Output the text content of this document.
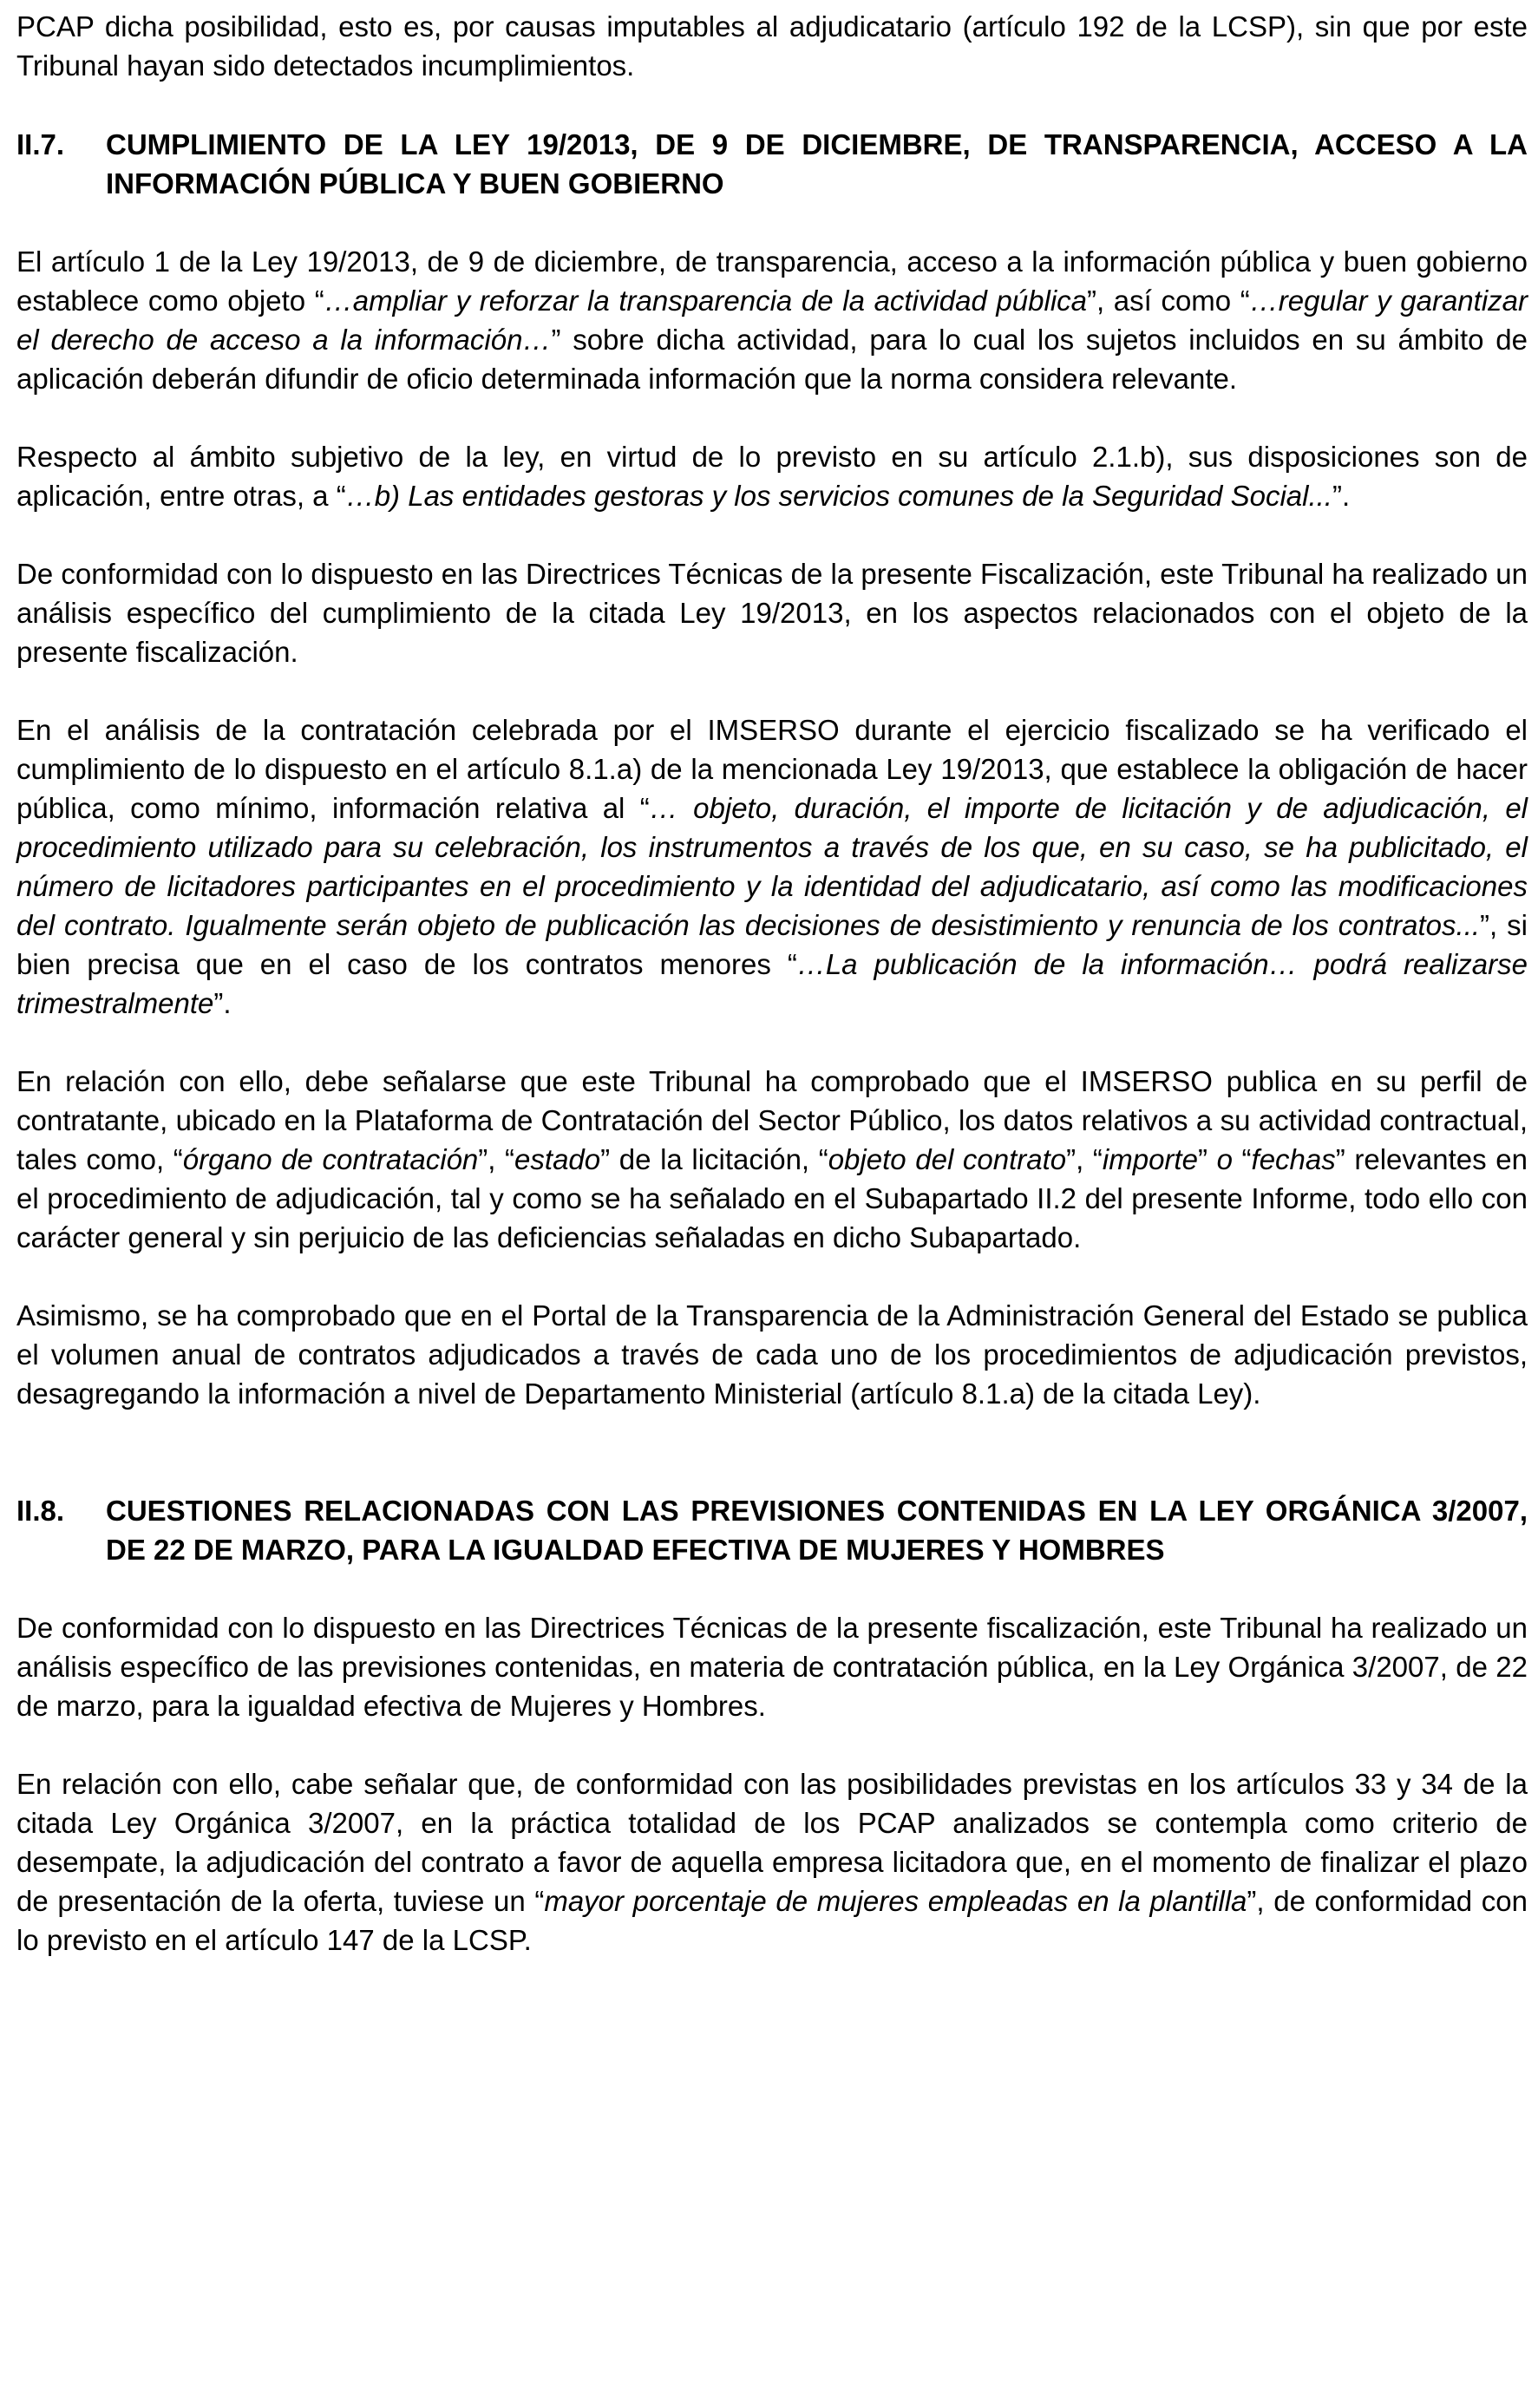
PCAP dicha posibilidad, esto es, por causas imputables al adjudicatario (artículo 192 de la LCSP), sin que por este Tribunal hayan sido detectados incumplimientos.

II.7.	CUMPLIMIENTO DE LA LEY 19/2013, DE 9 DE DICIEMBRE, DE TRANSPARENCIA, ACCESO A LA INFORMACIÓN PÚBLICA Y BUEN GOBIERNO

El artículo 1 de la Ley 19/2013, de 9 de diciembre, de transparencia, acceso a la información pública y buen gobierno establece como objeto “…ampliar y reforzar la transparencia de la actividad pública”, así como “…regular y garantizar el derecho de acceso a la información…” sobre dicha actividad, para lo cual los sujetos incluidos en su ámbito de aplicación deberán difundir de oficio determinada información que la norma considera relevante.

Respecto al ámbito subjetivo de la ley, en virtud de lo previsto en su artículo 2.1.b), sus disposiciones son de aplicación, entre otras, a “…b) Las entidades gestoras y los servicios comunes de la Seguridad Social...”.

De conformidad con lo dispuesto en las Directrices Técnicas de la presente Fiscalización, este Tribunal ha realizado un análisis específico del cumplimiento de la citada Ley 19/2013, en los aspectos relacionados con el objeto de la presente fiscalización.

En el análisis de la contratación celebrada por el IMSERSO durante el ejercicio fiscalizado se ha verificado el cumplimiento de lo dispuesto en el artículo 8.1.a) de la mencionada Ley 19/2013, que establece la obligación de hacer pública, como mínimo, información relativa al “… objeto, duración, el importe de licitación y de adjudicación, el procedimiento utilizado para su celebración, los instrumentos a través de los que, en su caso, se ha publicitado, el número de licitadores participantes en el procedimiento y la identidad del adjudicatario, así como las modificaciones del contrato. Igualmente serán objeto de publicación las decisiones de desistimiento y renuncia de los contratos...”, si bien precisa que en el caso de los contratos menores “…La publicación de la información… podrá realizarse trimestralmente”.

En relación con ello, debe señalarse que este Tribunal ha comprobado que el IMSERSO publica en su perfil de contratante, ubicado en la Plataforma de Contratación del Sector Público, los datos relativos a su actividad contractual, tales como, “órgano de contratación”, “estado” de la licitación, “objeto del contrato”, “importe” o “fechas” relevantes en el procedimiento de adjudicación, tal y como se ha señalado en el Subapartado II.2 del presente Informe, todo ello con carácter general y sin perjuicio de las deficiencias señaladas en dicho Subapartado.

Asimismo, se ha comprobado que en el Portal de la Transparencia de la Administración General del Estado se publica el volumen anual de contratos adjudicados a través de cada uno de los procedimientos de adjudicación previstos, desagregando la información a nivel de Departamento Ministerial (artículo 8.1.a) de la citada Ley).

II.8.	CUESTIONES RELACIONADAS CON LAS PREVISIONES CONTENIDAS EN LA LEY ORGÁNICA 3/2007, DE 22 DE MARZO, PARA LA IGUALDAD EFECTIVA DE MUJERES Y HOMBRES

De conformidad con lo dispuesto en las Directrices Técnicas de la presente fiscalización, este Tribunal ha realizado un análisis específico de las previsiones contenidas, en materia de contratación pública, en la Ley Orgánica 3/2007, de 22 de marzo, para la igualdad efectiva de Mujeres y Hombres.

En relación con ello, cabe señalar que, de conformidad con las posibilidades previstas en los artículos 33 y 34 de la citada Ley Orgánica 3/2007, en la práctica totalidad de los PCAP analizados se contempla como criterio de desempate, la adjudicación del contrato a favor de aquella empresa licitadora que, en el momento de finalizar el plazo de presentación de la oferta, tuviese un “mayor porcentaje de mujeres empleadas en la plantilla”, de conformidad con lo previsto en el artículo 147 de la LCSP.
